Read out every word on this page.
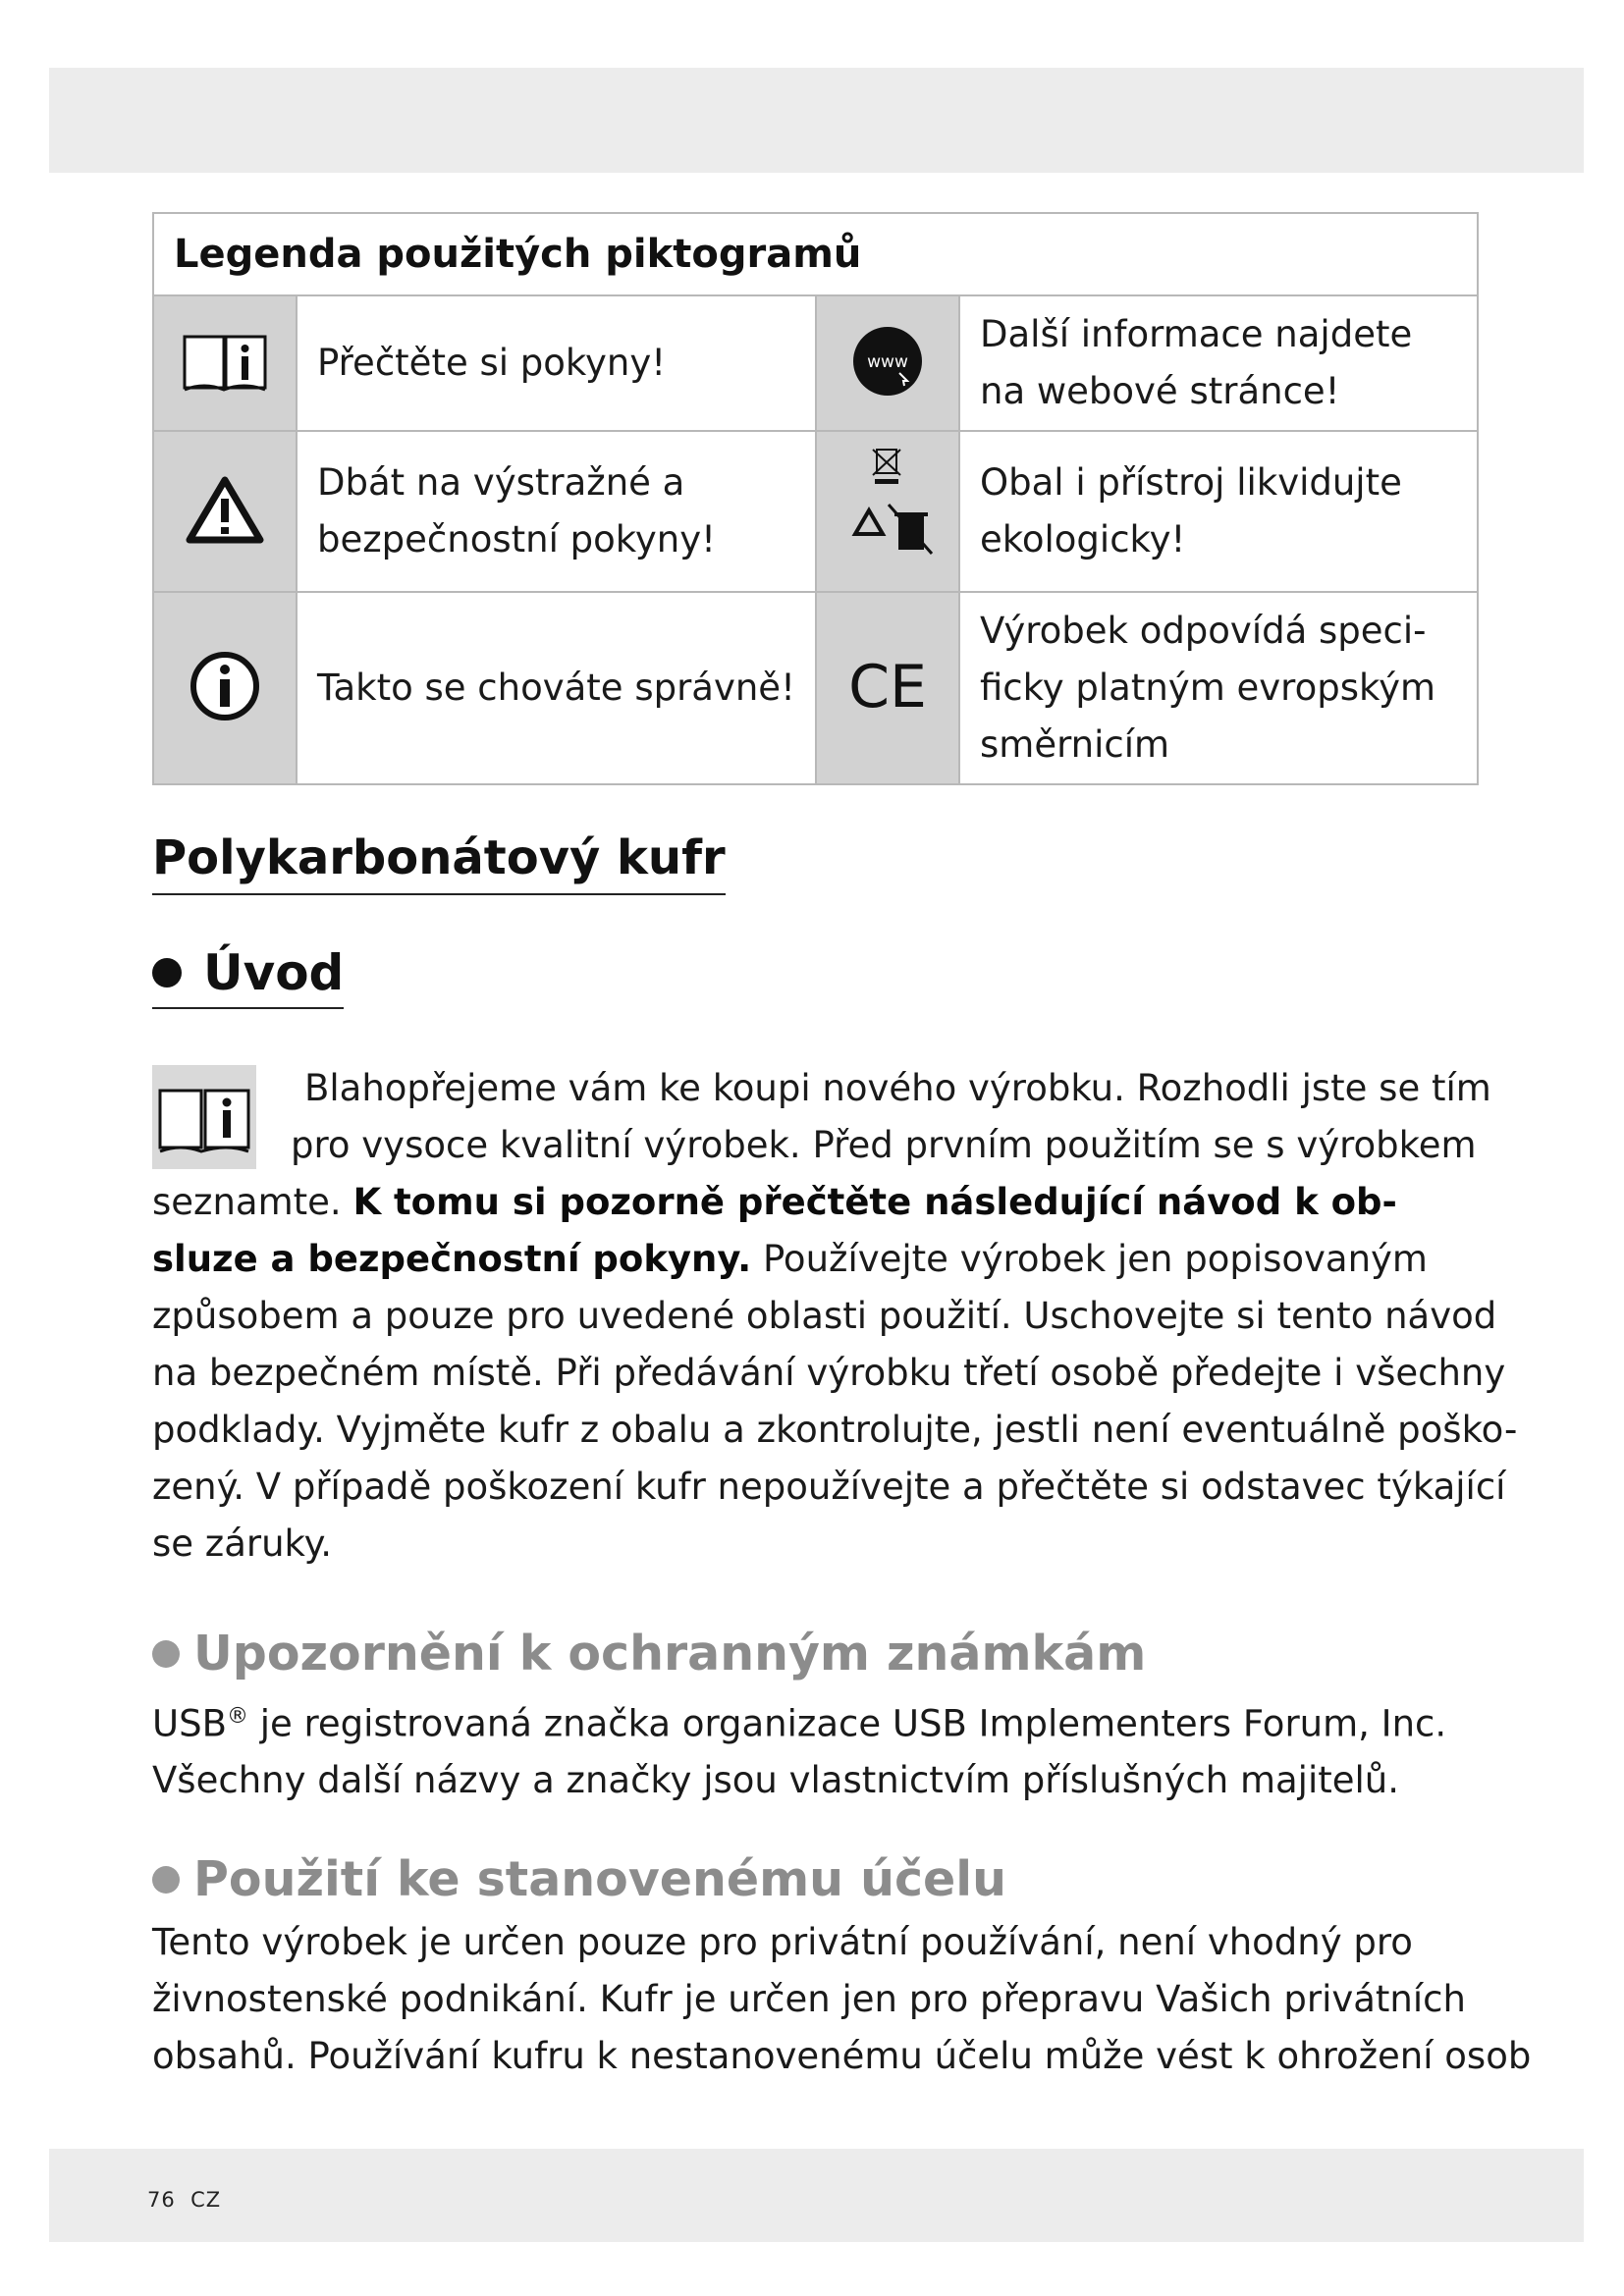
Legenda použitých piktogramů			
	Přečtěte si pokyny!	www	Další informace najdete
na webové stránce!

Dbát na výstražné a
bezpečnostní pokyny!		Obal i přístroj likvidujte
ekologicky!

	Takto se chováte správně!	CE	Výrobek odpovídá speci-
ficky platným evropským
směrnicím
Polykarbonátový kufr
Úvod
Blahopřejeme vám ke koupi nového výrobku. Rozhodli jste se tím
pro vysoce kvalitní výrobek. Před prvním použitím se s výrobkem
seznamte. K tomu si pozorně přečtěte následující návod k ob-
sluze a bezpečnostní pokyny. Používejte výrobek jen popisovaným
způsobem a pouze pro uvedené oblasti použití. Uschovejte si tento návod
na bezpečném místě. Při předávání výrobku třetí osobě předejte i všechny
podklady. Vyjměte kufr z obalu a zkontrolujte, jestli není eventuálně poško-
zený. V případě poškození kufr nepoužívejte a přečtěte si odstavec týkající
se záruky.
Upozornění k ochranným známkám
USB® je registrovaná značka organizace USB Implementers Forum, Inc.
Všechny další názvy a značky jsou vlastnictvím příslušných majitelů.
Použití ke stanovenému účelu
Tento výrobek je určen pouze pro privátní používání, není vhodný pro
živnostenské podnikání. Kufr je určen jen pro přepravu Vašich privátních
obsahů. Používání kufru k nestanovenému účelu může vést k ohrožení osob
76 CZ
